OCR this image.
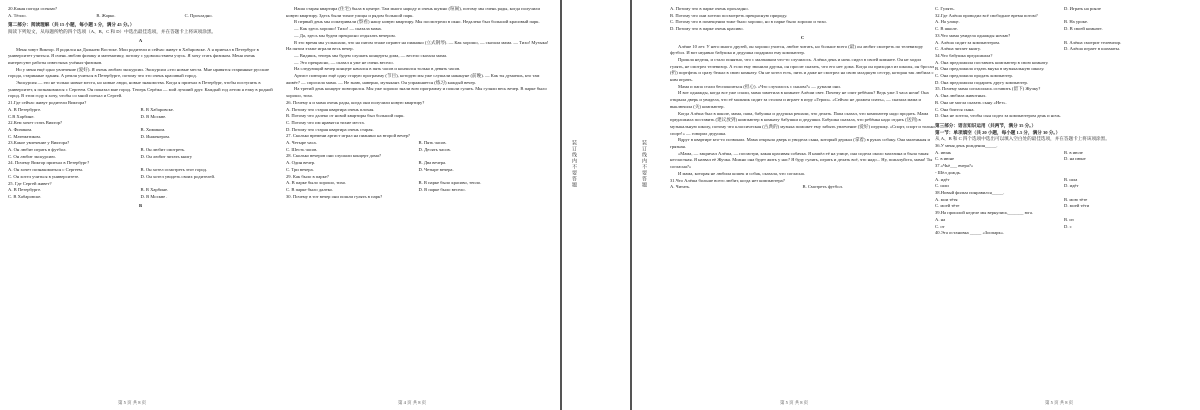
20.Какая погода осенью?

A. Тёпло.	B. Жарко.	C. Прохладно.

第二部分：阅读理解（共 15 小题，每小题 3 分，满分 45 分。）

阅读下列短文，从每题所给的四个选项（A、B、C 和 D）中选出最佳选项，并在答题卡上将该项涂黑。

A

Меня зовут Виктор. Я родился на Дальнем Востоке. Мои родители и сейчас живут в Хабаровске. А я приехал в Петербург в университет учиться. Я очень люблю физику и математику, потому с удовольствием учусь. Я хочу стать физиком. Меня очень интересуют работы известных учёных-физиков.

Но у меня ещё одно увлечение (爱好). Я очень люблю экскурсии. Экскурсии «это новые места. Мне нравятся старинные русские города, старинные здания. А ремля учиться в Петербурге, потому что это очень красивый город.

Экскурсия — это не только новые места, но новые люди, новые знакомства. Когда я приехал в Петербург, чтобы поступить в университет, я познакомился с Сергеем. Он показал мне город. Теперь Серёжа — мой лучший друг. Каждый год летом я езжу в родной город. В этом году я хочу, чтобы со мной поехал и Сергей.

21.Где сейчас живут родители Виктора?

A. В Петербурге.	B. В Хабаровске.
C.В Харбине.	D. В Москве.

22.Кем хочет стать Виктор?

A. Физиком.	B. Химиком.
C. Математиком.	D. Инженером.

23.Какое увлечение у Виктора?

A. Он любит играть в футбол.	B. Он любит смотреть.
C. Он любит экскурсию.	D. Он любит читать книгу

24. Почему Виктор приехал в Петербург?

A. Он хочет познакомиться с Сергеем.	B. Он хотел осмотреть этот город.
C. Он хотел учиться в университете.	D. Он хотел увидеть своих родителей.

25. Где Сергей живет?

A. В Петербурге.	B. В Харбине.
C. В Хабаровске.	D. В Москве .

B

第 5 页 共 8 页

Наша старая квартира (住宅) была в центре. Там много народу и очень шумно (喧闹), потому мы очень рады, когда получили новую квартиру. Здесь были тихие улицы и рядом большой парк.

В первый день мы осматривали (察看) нашу новую квартиру. Мы посмотрели в окно. Недалеко был большой красивый парк.

— Как здесь хорошо! Тихо! — сказала мама.

— Да, здесь мы будем прекрасно отдыхать вечером.

В это время мы услышали, что на пятом этаже играют на пианино (立式钢琴). — Как хорошо, — сказала мама. — Тихо! Музыка! На пятом этаже играли весь вечер.

— Видишь, теперь мы будем слушать концерты дома, — весело сказала мама.

— Это прекрасно, — сказал я уже не очень весело.

На следующий вечер концерт начался в пять часов и кончился только в девять часов.

Артист повторил ещё одну старую программу (节目), которую мы уже слушали накануне (前晚). — Как ты думаешь, кто там живёт? — спросила мама. — Не знаю, наверно, музыкант. Он упражняется (练习) каждый вечер.

На третий день концерт повторился. Мы уже хорошо знали всю программу и пошли гулять. Мы гуляли весь вечер. В парке было хорошо, тихо.

26. Почему я и мама очень рады, когда они получили новую квартиру?

A. Потому что старая квартира очень плохая.

B. Потому что далеко от новой квартиры был большой парк.

C. Потому что им нравятся тихие места.

D. Потому что старая квартира очень старая.

27. Сколько времени артист играл на пианино на второй вечер?

A. Четыре часа.	B. Пять часов.
C. Шесть часов.	D. Десять часов.

28. Сколько вечеров они слушали концерт дома?

A. Один вечер.	B. Два вечера.
C. Три вечера.	D. Четыре вечера.

29. Как было в парке?

A. В парке было хорошо, тихо.	B. В парке было красиво, тепло.
C. В парке было далеко.	D. В парке было весело.

30. Почему в тот вечер они пошли гулять в парк?

第 4 页 共 8 页
装订线内不要答题	装订线内不要答题

A. Потому что в парке очень прохладно.

B. Потому что они хотели посмотреть прекрасную природу.

C. Потому что в помещении тоже было хорошо, но в парке было хорошо и тихо.

D. Потому что в парке очень красиво.

C

Алёше 10 лет. У него много друзей, он хорошо учится, любит читать, но больше всего (最) он любит смотреть по телевизору футбол. И вот недавно бабушка и дедушка подарили ему компьютер.

Прошла неделя, и стало понятно, что с мальчиком что-то случилось. Алёша день и ночь сидел в своей комнате. Он не ходил гулять, не смотрел телевизор. А если ему звонили друзья, он просит сказать, что его нет дома. Когда он приходил из школы, он бросал (扔) портфель и сразу бежал в свою комнату. Он не хотел есть, пить и даже не смотрел на свою младшую сестру, которая так любила с ним играть.

Мама и папа стали беспокоиться (担心). «Что случилось с сыном?» — думали они.

И вот однажды, когда все уже спали, мама заметила в комнате Алёши свет. Почему не спит ребёнок? Ведь уже 3 часа ночи! Она открыла дверь и увидела, что её мальчик сидит за столом и играет в игру «Герои». «Сейчас не должен спать», — сказала мама и выключила (关) компьютер.

Когда Алёша был в школе, мама, папа, бабушка и дедушка решали, что делать. Папа сказал, что компьютер надо продать. Мама предложила поставить (建议放到) компьютер в комнату бабушки и дедушки. Бабушка сказала, что ребёнка надо отдать (送到) в музыкальную школу, потому что классическая (古典的) музыка поможет ему забыть увлечение (爱好) игрушку. «Спорт, спорт и только спорт!» — говорил дедушка.

Вдруг в квартире кто-то позвонил. Мама открыла дверь и увидела сына, который держал (拿着) в руках собаку. Она маленькая и грязная.

«Мама, — закричал Алёша, — посмотри, какая красивая собачка. Я нашёл её на улице, она сидела около магазина и была такая несчастная. Я назвал её Жучка. Можно она будет жить у нас? Я буду гулять, играть и делать всё, что надо... Ну, пожалуйста, мама! Ты согласна?»

И мама, которая не любила кошек и собак, сказала, что согласна.

31.Что Алёша больше всего любит, когда нет компьютера?

A. Читать.	B. Смотреть футбол.
第 5 页 共 8 页
C. Гулять.	D. Играть на рояле

32.Где Алёша проводил всё свободное время потом?

A. На улице.	B. На уроке.
C. В школе.	D. В своей комнате.

33.Что мама увидела однажды ночью?

A. Алёша сидит за компьютером.	B. Алёша смотрит телевизор.
C. Алёша читает книгу.	D. Алёша играет в шахматы.

34.Что бабушка предложила?

A. Она предложила поставить компьютер в свою комнату.

B. Она предложила отдать внука в музыкальную школу.

C. Она предложила продать компьютер.

D. Она предложила подарить другу компьютер.

35. Почему мама согласилась оставить (留下) Жучку?

A. Она любила животных.

B. Она не могла сказать сыну «Нет».

C. Она боится сына.

D. Она не хотела, чтобы сын сидел за компьютером день и ночь.

第三部分：语言知识运用（共两节，满分 35 分。）

第一节：单项填空（共 20 小题，每小题 1.5 分，满分 30 分。）

从 A、B 和 C 四个选项中选出可以填入空白处的最佳选项，并在答题卡上将该项涂黑。

36.У меня день рождения_____.

A. июнь	B. в июле
C. в июне	D. на июне

37.«Чьё___ вчера?»

- Шёл дождь.

A. идёт	B. шла
C. шли	D. идёт

38.Новый фильм понравился_____.

A. мои тётя	B. мою тёте
C. моей тёте	D. моей тёти

39.На прошлой неделе мы вернулись_______ юга.

A. на	B. из
C. от	D. с

40.Эта остановка _____ «Зоопарк».

第 5 页 共 8 页
